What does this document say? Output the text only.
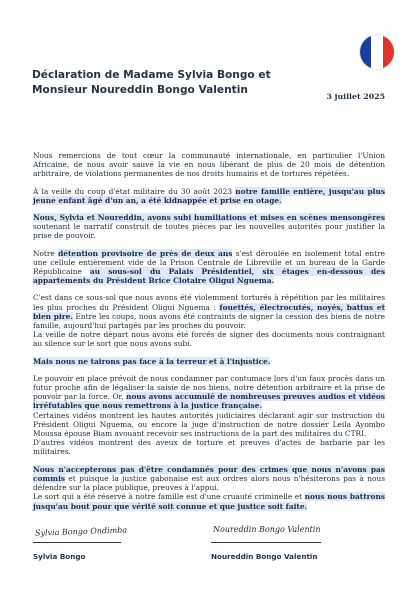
Déclaration de Madame Sylvia Bongo et
Monsieur Noureddin Bongo Valentin
3 juillet 2025

Nous remercions de tout cœur la communauté internationale, en particulier l'Union Africaine, de nous avoir sauvé la vie en nous libérant de plus de 20 mois de détention arbitraire, de violations permanentes de nos droits humains et de tortures répétées.

À la veille du coup d'état militaire du 30 août 2023 notre famille entière, jusqu'au plus jeune enfant âgé d'un an, a été kidnappée et prise en otage.

Nous, Sylvia et Noureddin, avons subi humiliations et mises en scènes mensongères soutenant le narratif construit de toutes pièces par les nouvelles autorités pour justifier la prise de pouvoir.

Notre détention provisoire de près de deux ans s'est déroulée en isolement total entre une cellule entièrement vide de la Prison Centrale de Libreville et un bureau de la Garde Républicaine au sous-sol du Palais Présidentiel, six étages en-dessous des appartements du Président Brice Clotaire Oligui Nguema.

C'est dans ce sous-sol que nous avons été violemment torturés à répétition par les militaires les plus proches du Président Oligui Nguema : fouettés, électrocutés, noyés, battus et bien pire. Entre les coups, nous avons été contraints de signer la cession des biens de notre famille, aujourd'hui partagés par les proches du pouvoir.
La veille de notre départ nous avons été forcés de signer des documents nous contraignant au silence sur le sort que nous avons subi.

Mais nous ne tairons pas face à la terreur et à l'injustice.

Le pouvoir en place prévoit de nous condamner par contumace lors d'un faux procès dans un futur proche afin de légaliser la saisie de nos biens, notre détention arbitraire et la prise de pouvoir par la force. Or, nous avons accumulé de nombreuses preuves audios et vidéos irréfutables que nous remettrons à la justice française.
Certaines vidéos montrent les hautes autorités judiciaires déclarant agir sur instruction du Président Oligui Nguema, ou encore la juge d'instruction de notre dossier Leila Ayombo Moussa épouse Biam avouant recevoir ses instructions de la part des militaires du CTRI.
D'autres vidéos montrent des aveux de torture et preuves d'actes de barbarie par les militaires.

Nous n'accepterons pas d'être condamnés pour des crimes que nous n'avons pas commis et puisque la justice gabonaise est aux ordres alors nous n'hésiterons pas à nous défendre sur la place publique, preuves à l'appui.
Le sort qui a été réservé à notre famille est d'une cruauté criminelle et nous nous battrons jusqu'au bout pour que vérité soit connue et que justice soit faite.

Sylvia Bongo Ondimba
Sylvia Bongo
Noureddin Bongo Valentin
Noureddin Bongo Valentin
